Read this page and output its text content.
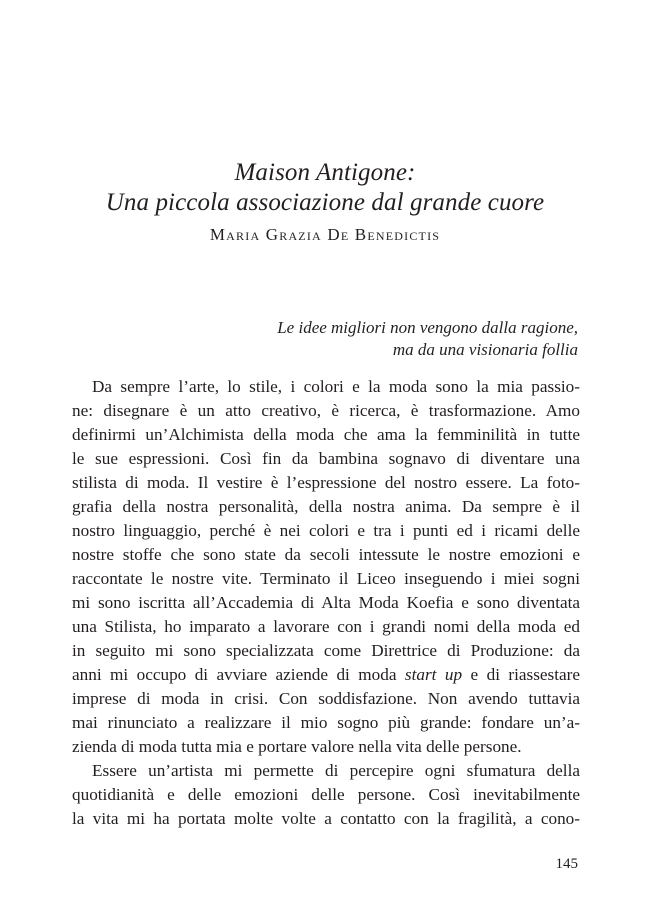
Maison Antigone:
Una piccola associazione dal grande cuore
Maria Grazia De Benedictis
Le idee migliori non vengono dalla ragione,
ma da una visionaria follia
Da sempre l’arte, lo stile, i colori e la moda sono la mia passio-
ne: disegnare è un atto creativo, è ricerca, è trasformazione. Amo
definirmi un’Alchimista della moda che ama la femminilità in tutte
le sue espressioni. Così fin da bambina sognavo di diventare una
stilista di moda. Il vestire è l’espressione del nostro essere. La foto-
grafia della nostra personalità, della nostra anima. Da sempre è il
nostro linguaggio, perché è nei colori e tra i punti ed i ricami delle
nostre stoffe che sono state da secoli intessute le nostre emozioni e
raccontate le nostre vite. Terminato il Liceo inseguendo i miei sogni
mi sono iscritta all’Accademia di Alta Moda Koefia e sono diventata
una Stilista, ho imparato a lavorare con i grandi nomi della moda ed
in seguito mi sono specializzata come Direttrice di Produzione: da
anni mi occupo di avviare aziende di moda start up e di riassestare
imprese di moda in crisi. Con soddisfazione. Non avendo tuttavia
mai rinunciato a realizzare il mio sogno più grande: fondare un’a-
zienda di moda tutta mia e portare valore nella vita delle persone.
Essere un’artista mi permette di percepire ogni sfumatura della
quotidianità e delle emozioni delle persone. Così inevitabilmente
la vita mi ha portata molte volte a contatto con la fragilità, a cono-
145
